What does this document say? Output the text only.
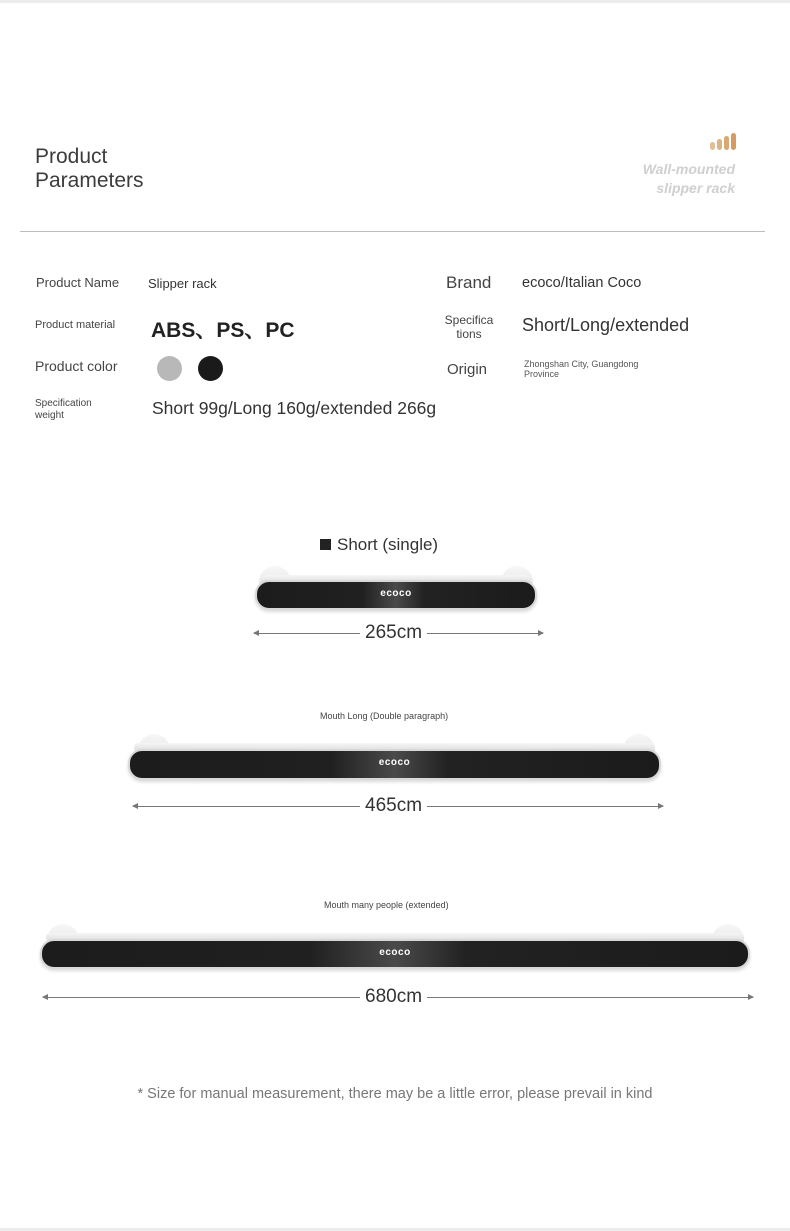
Product
Parameters	Wall-mounted
slipper rack
Product Name Slipper rack	Brand ecoco/Italian Coco
Product material ABS、PS、PC	Specifica
tions	Short/Long/extended
Product color	Origin	Zhongshan City, Guangdong
Province
Specification
weight	Short 99g/Long 160g/extended 266g
Short (single)
ecoco
265cm
Mouth Long (Double paragraph)
ecoco
465cm
Mouth many people (extended)
ecoco
680cm
* Size for manual measurement, there may be a little error, please prevail in kind
